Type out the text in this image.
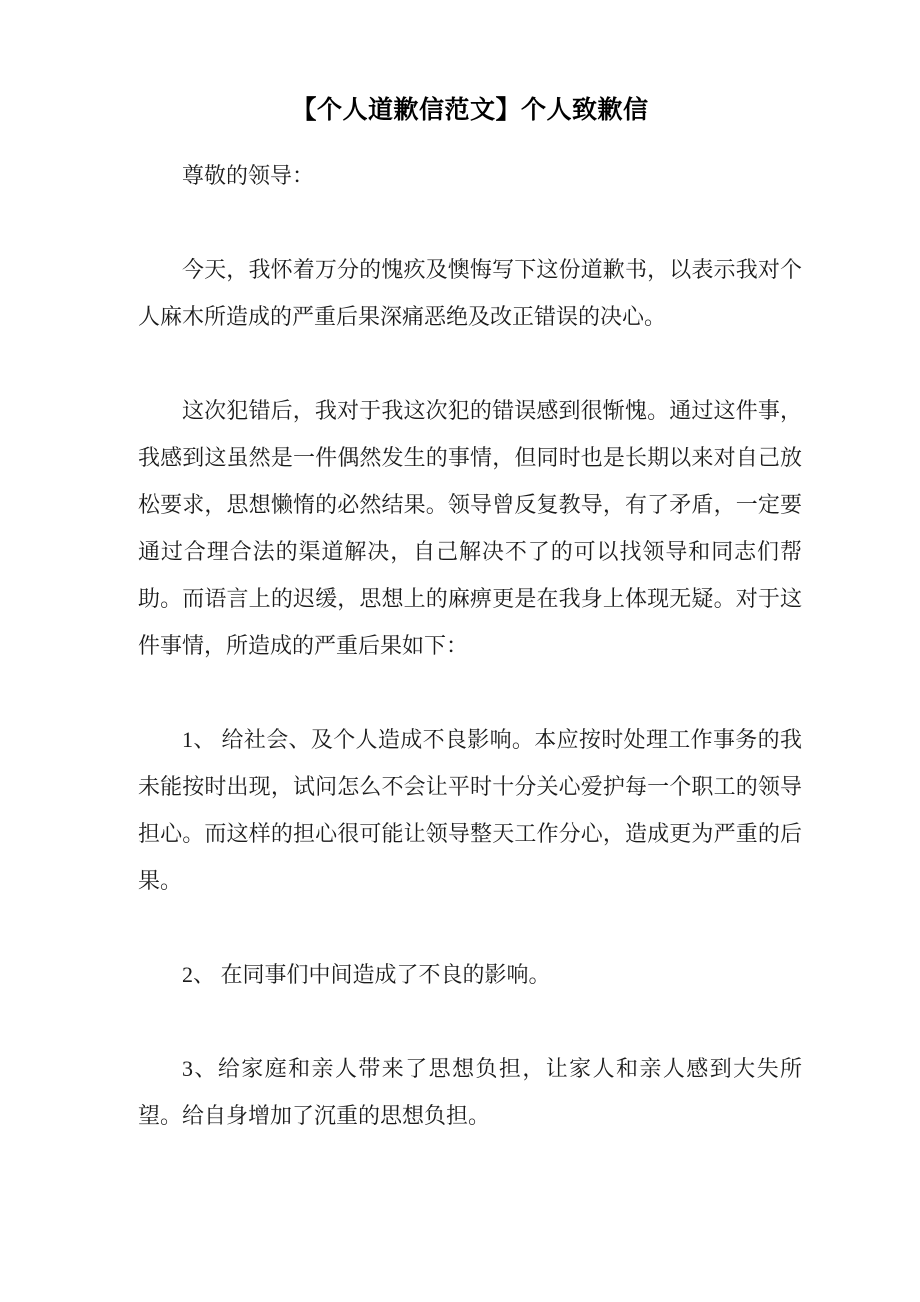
【个人道歉信范文】个人致歉信

尊敬的领导：

今天，我怀着万分的愧疚及懊悔写下这份道歉书，以表示我对个 人麻木所造成的严重后果深痛恶绝及改正错误的决心。

这次犯错后，我对于我这次犯的错误感到很惭愧。通过这件事， 我感到这虽然是一件偶然发生的事情，但同时也是长期以来对自己放 松要求，思想懒惰的必然结果。领导曾反复教导，有了矛盾，一定要 通过合理合法的渠道解决，自己解决不了的可以找领导和同志们帮助。而语言上的迟缓，思想上的麻痹更是在我身上体现无疑。对于这件事情，所造成的严重后果如下：

1、 给社会、及个人造成不良影响。本应按时处理工作事务的我未能按时出现，试问怎么不会让平时十分关心爱护每一个职工的领导担心。而这样的担心很可能让领导整天工作分心，造成更为严重的后果。

2、 在同事们中间造成了不良的影响。

3、给家庭和亲人带来了思想负担，让家人和亲人感到大失所望。给自身增加了沉重的思想负担。
